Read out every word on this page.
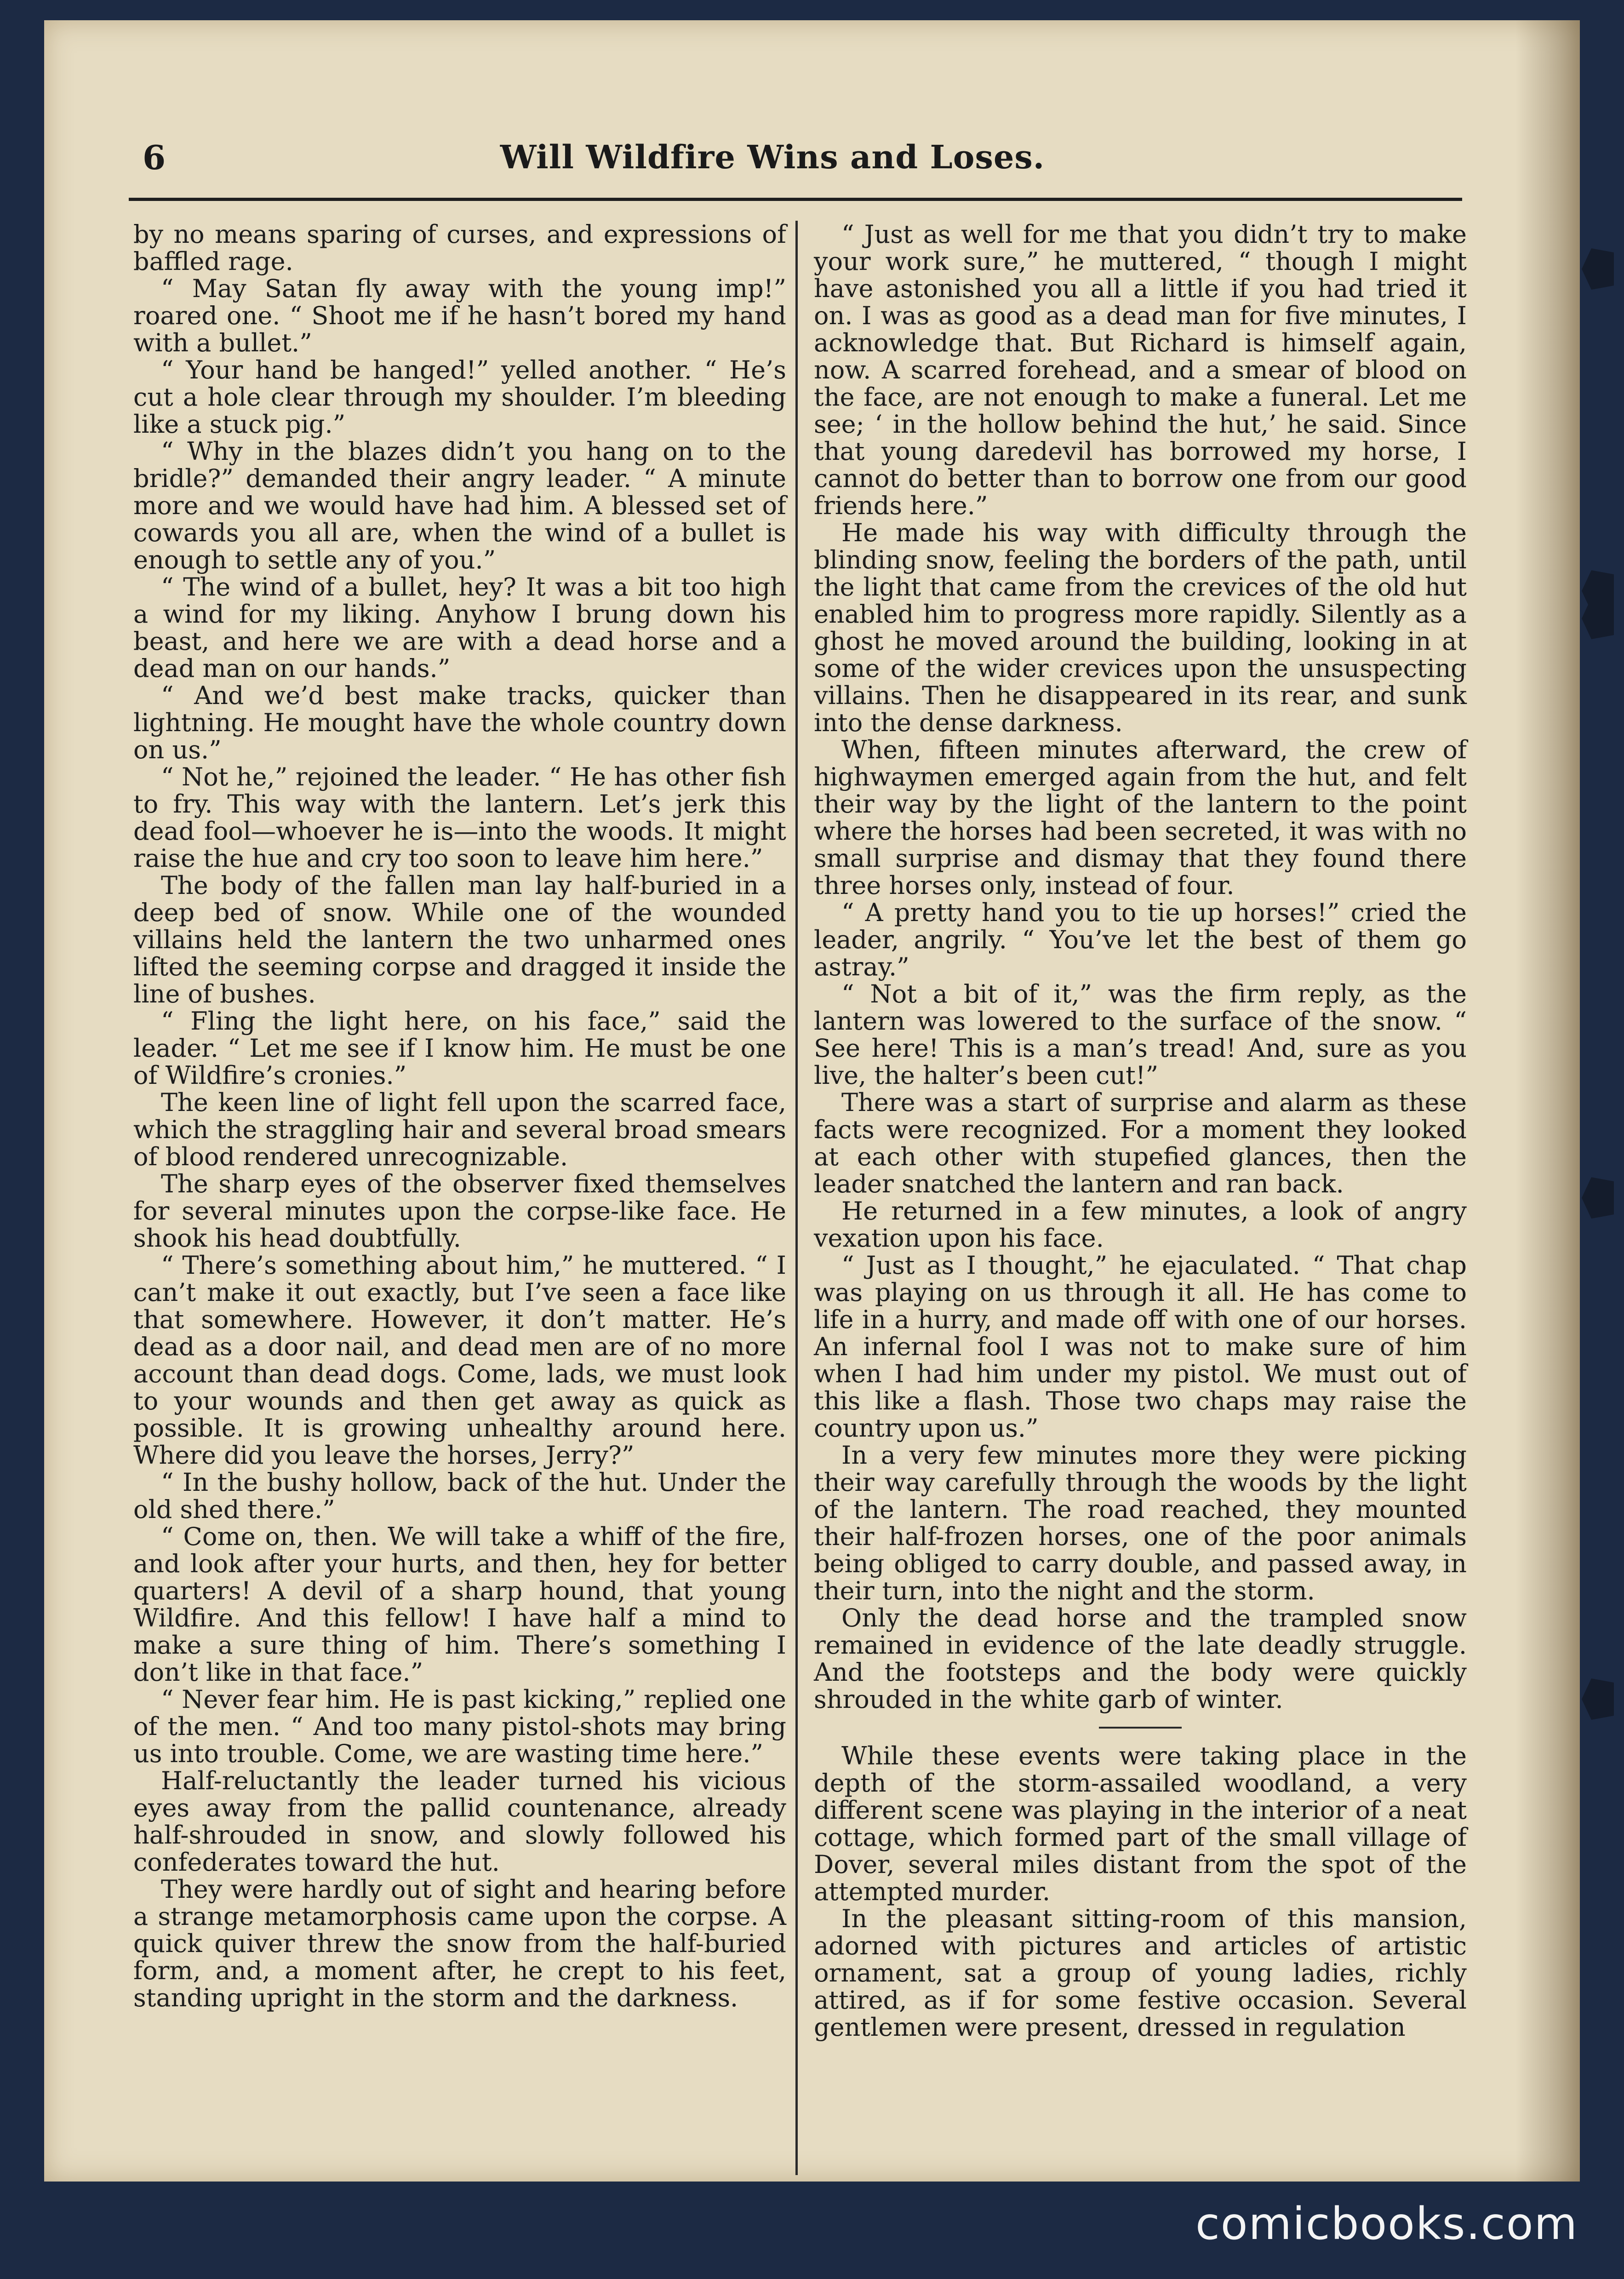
6	Will Wildfire Wins and Loses.

by no means sparing of curses, and expressions of baffled rage.

“ May Satan fly away with the young imp!” roared one. “ Shoot me if he hasn’t bored my hand with a bullet.”

“ Your hand be hanged!” yelled another. “ He’s cut a hole clear through my shoulder. I’m bleeding like a stuck pig.”

“ Why in the blazes didn’t you hang on to the bridle?” demanded their angry leader. “ A minute more and we would have had him. A blessed set of cowards you all are, when the wind of a bullet is enough to settle any of you.”

“ The wind of a bullet, hey? It was a bit too high a wind for my liking. Anyhow I brung down his beast, and here we are with a dead horse and a dead man on our hands.”

“ And we’d best make tracks, quicker than lightning. He mought have the whole country down on us.”

“ Not he,” rejoined the leader. “ He has other fish to fry. This way with the lantern. Let’s jerk this dead fool—whoever he is—into the woods. It might raise the hue and cry too soon to leave him here.”

The body of the fallen man lay half-buried in a deep bed of snow. While one of the wounded villains held the lantern the two unharmed ones lifted the seeming corpse and dragged it inside the line of bushes.

“ Fling the light here, on his face,” said the leader. “ Let me see if I know him. He must be one of Wildfire’s cronies.”

The keen line of light fell upon the scarred face, which the straggling hair and several broad smears of blood rendered unrecognizable.

The sharp eyes of the observer fixed themselves for several minutes upon the corpse-like face. He shook his head doubtfully.

“ There’s something about him,” he muttered. “ I can’t make it out exactly, but I’ve seen a face like that somewhere. However, it don’t matter. He’s dead as a door nail, and dead men are of no more account than dead dogs. Come, lads, we must look to your wounds and then get away as quick as possible. It is growing unhealthy around here. Where did you leave the horses, Jerry?”

“ In the bushy hollow, back of the hut. Under the old shed there.”

“ Come on, then. We will take a whiff of the fire, and look after your hurts, and then, hey for better quarters! A devil of a sharp hound, that young Wildfire. And this fellow! I have half a mind to make a sure thing of him. There’s something I don’t like in that face.”

“ Never fear him. He is past kicking,” replied one of the men. “ And too many pistol-shots may bring us into trouble. Come, we are wasting time here.”

Half-reluctantly the leader turned his vicious eyes away from the pallid countenance, already half-shrouded in snow, and slowly followed his confederates toward the hut.

They were hardly out of sight and hearing before a strange metamorphosis came upon the corpse. A quick quiver threw the snow from the half-buried form, and, a moment after, he crept to his feet, standing upright in the storm and the darkness.

“ Just as well for me that you didn’t try to make your work sure,” he muttered, “ though I might have astonished you all a little if you had tried it on. I was as good as a dead man for five minutes, I acknowledge that. But Richard is himself again, now. A scarred forehead, and a smear of blood on the face, are not enough to make a funeral. Let me see; ‘ in the hollow behind the hut,’ he said. Since that young daredevil has borrowed my horse, I cannot do better than to borrow one from our good friends here.”

He made his way with difficulty through the blinding snow, feeling the borders of the path, until the light that came from the crevices of the old hut enabled him to progress more rapidly. Silently as a ghost he moved around the building, looking in at some of the wider crevices upon the unsuspecting villains. Then he disappeared in its rear, and sunk into the dense darkness.

When, fifteen minutes afterward, the crew of highwaymen emerged again from the hut, and felt their way by the light of the lantern to the point where the horses had been secreted, it was with no small surprise and dismay that they found there three horses only, instead of four.

“ A pretty hand you to tie up horses!” cried the leader, angrily. “ You’ve let the best of them go astray.”

“ Not a bit of it,” was the firm reply, as the lantern was lowered to the surface of the snow. “ See here! This is a man’s tread! And, sure as you live, the halter’s been cut!”

There was a start of surprise and alarm as these facts were recognized. For a moment they looked at each other with stupefied glances, then the leader snatched the lantern and ran back.

He returned in a few minutes, a look of angry vexation upon his face.

“ Just as I thought,” he ejaculated. “ That chap was playing on us through it all. He has come to life in a hurry, and made off with one of our horses. An infernal fool I was not to make sure of him when I had him under my pistol. We must out of this like a flash. Those two chaps may raise the country upon us.”

In a very few minutes more they were picking their way carefully through the woods by the light of the lantern. The road reached, they mounted their half-frozen horses, one of the poor animals being obliged to carry double, and passed away, in their turn, into the night and the storm.

Only the dead horse and the trampled snow remained in evidence of the late deadly struggle. And the footsteps and the body were quickly shrouded in the white garb of winter.

While these events were taking place in the depth of the storm-assailed woodland, a very different scene was playing in the interior of a neat cottage, which formed part of the small village of Dover, several miles distant from the spot of the attempted murder.

In the pleasant sitting-room of this mansion, adorned with pictures and articles of artistic ornament, sat a group of young ladies, richly attired, as if for some festive occasion. Several gentlemen were present, dressed in regulation

comicbooks.com
